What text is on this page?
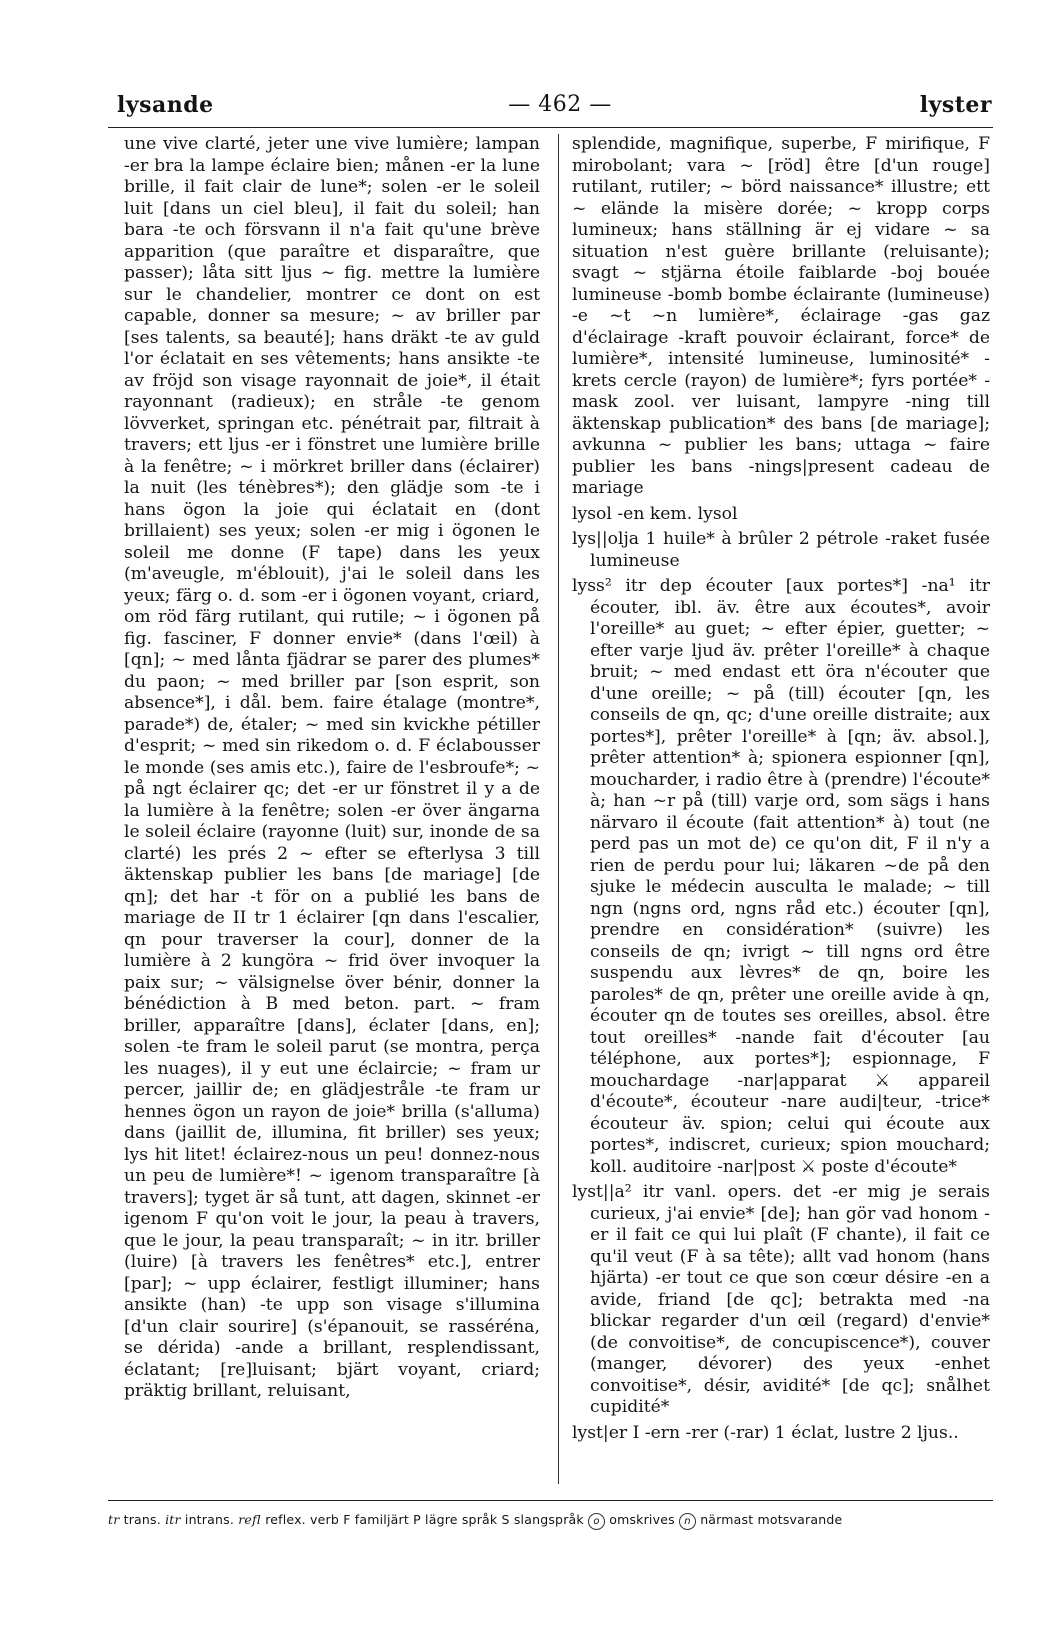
lysande	— 462 —	lyster

une vive clarté, jeter une vive lumière; lampan -er bra la lampe éclaire bien; månen -er la lune brille, il fait clair de lune*; solen -er le soleil luit [dans un ciel bleu], il fait du soleil; han bara -te och försvann il n'a fait qu'une brève apparition (que paraître et disparaître, que passer); låta sitt ljus ~ fig. mettre la lumière sur le chandelier, montrer ce dont on est capable, donner sa mesure; ~ av briller par [ses talents, sa beauté]; hans dräkt -te av guld l'or éclatait en ses vêtements; hans ansikte -te av fröjd son visage rayonnait de joie*, il était rayonnant (radieux); en stråle -te genom lövverket, springan etc. pénétrait par, filtrait à travers; ett ljus -er i fönstret une lumière brille à la fenêtre; ~ i mörkret briller dans (éclairer) la nuit (les ténèbres*); den glädje som -te i hans ögon la joie qui éclatait en (dont brillaient) ses yeux; solen -er mig i ögonen le soleil me donne (F tape) dans les yeux (m'aveugle, m'éblouit), j'ai le soleil dans les yeux; färg o. d. som -er i ögonen voyant, criard, om röd färg rutilant, qui rutile; ~ i ögonen på fig. fasciner, F donner envie* (dans l'œil) à [qn]; ~ med lånta fjädrar se parer des plumes* du paon; ~ med briller par [son esprit, son absence*], i dål. bem. faire étalage (montre*, parade*) de, étaler; ~ med sin kvickhe pétiller d'esprit; ~ med sin rikedom o. d. F éclabousser le monde (ses amis etc.), faire de l'esbroufe*; ~ på ngt éclairer qc; det -er ur fönstret il y a de la lumière à la fenêtre; solen -er över ängarna le soleil éclaire (rayonne (luit) sur, inonde de sa clarté) les prés 2 ~ efter se efterlysa 3 till äktenskap publier les bans [de mariage] [de qn]; det har -t för on a publié les bans de mariage de II tr 1 éclairer [qn dans l'escalier, qn pour traverser la cour], donner de la lumière à 2 kungöra ~ frid över invoquer la paix sur; ~ välsignelse över bénir, donner la bénédiction à B med beton. part. ~ fram briller, apparaître [dans], éclater [dans, en]; solen -te fram le soleil parut (se montra, perça les nuages), il y eut une éclaircie; ~ fram ur percer, jaillir de; en glädjestråle -te fram ur hennes ögon un rayon de joie* brilla (s'alluma) dans (jaillit de, illumina, fit briller) ses yeux; lys hit litet! éclairez-nous un peu! donnez-nous un peu de lumière*! ~ igenom transparaître [à travers]; tyget är så tunt, att dagen, skinnet -er igenom F qu'on voit le jour, la peau à travers, que le jour, la peau transparaît; ~ in itr. briller (luire) [à travers les fenêtres* etc.], entrer [par]; ~ upp éclairer, festligt illuminer; hans ansikte (han) -te upp son visage s'illumina [d'un clair sourire] (s'épanouit, se rasséréna, se dérida) -ande a brillant, resplendissant, éclatant; [re]luisant; bjärt voyant, criard; präktig brillant, reluisant,

splendide, magnifique, superbe, F mirifique, F mirobolant; vara ~ [röd] être [d'un rouge] rutilant, rutiler; ~ börd naissance* illustre; ett ~ elände la misère dorée; ~ kropp corps lumineux; hans ställning är ej vidare ~ sa situation n'est guère brillante (reluisante); svagt ~ stjärna étoile faiblarde -boj bouée lumineuse -bomb bombe éclairante (lumineuse) -e ~t ~n lumière*, éclairage -gas gaz d'éclairage -kraft pouvoir éclairant, force* de lumière*, intensité lumineuse, luminosité* -krets cercle (rayon) de lumière*; fyrs portée* -mask zool. ver luisant, lampyre -ning till äktenskap publication* des bans [de mariage]; avkunna ~ publier les bans; uttaga ~ faire publier les bans -nings|present cadeau de mariage

lysol -en kem. lysol

lys||olja 1 huile* à brûler 2 pétrole -raket fusée lumineuse

lyss² itr dep écouter [aux portes*] -na¹ itr écouter, ibl. äv. être aux écoutes*, avoir l'oreille* au guet; ~ efter épier, guetter; ~ efter varje ljud äv. prêter l'oreille* à chaque bruit; ~ med endast ett öra n'écouter que d'une oreille; ~ på (till) écouter [qn, les conseils de qn, qc; d'une oreille distraite; aux portes*], prêter l'oreille* à [qn; äv. absol.], prêter attention* à; spionera espionner [qn], moucharder, i radio être à (prendre) l'écoute* à; han ~r på (till) varje ord, som sägs i hans närvaro il écoute (fait attention* à) tout (ne perd pas un mot de) ce qu'on dit, F il n'y a rien de perdu pour lui; läkaren ~de på den sjuke le médecin ausculta le malade; ~ till ngn (ngns ord, ngns råd etc.) écouter [qn], prendre en considération* (suivre) les conseils de qn; ivrigt ~ till ngns ord être suspendu aux lèvres* de qn, boire les paroles* de qn, prêter une oreille avide à qn, écouter qn de toutes ses oreilles, absol. être tout oreilles* -nande fait d'écouter [au téléphone, aux portes*]; espionnage, F mouchardage -nar|apparat ⚔ appareil d'écoute*, écouteur -nare audi|teur, -trice* écouteur äv. spion; celui qui écoute aux portes*, indiscret, curieux; spion mouchard; koll. auditoire -nar|post ⚔ poste d'écoute*

lyst||a² itr vanl. opers. det -er mig je serais curieux, j'ai envie* [de]; han gör vad honom -er il fait ce qui lui plaît (F chante), il fait ce qu'il veut (F à sa tête); allt vad honom (hans hjärta) -er tout ce que son cœur désire -en a avide, friand [de qc]; betrakta med -na blickar regarder d'un œil (regard) d'envie* (de convoitise*, de concupiscence*), couver (manger, dévorer) des yeux -enhet convoitise*, désir, avidité* [de qc]; snålhet cupidité*

lyst|er I -ern -rer (-rar) 1 éclat, lustre 2 ljus..

tr trans. itr intrans. refl reflex. verb F familjärt P lägre språk S slangspråk o omskrives n närmast motsvarande
